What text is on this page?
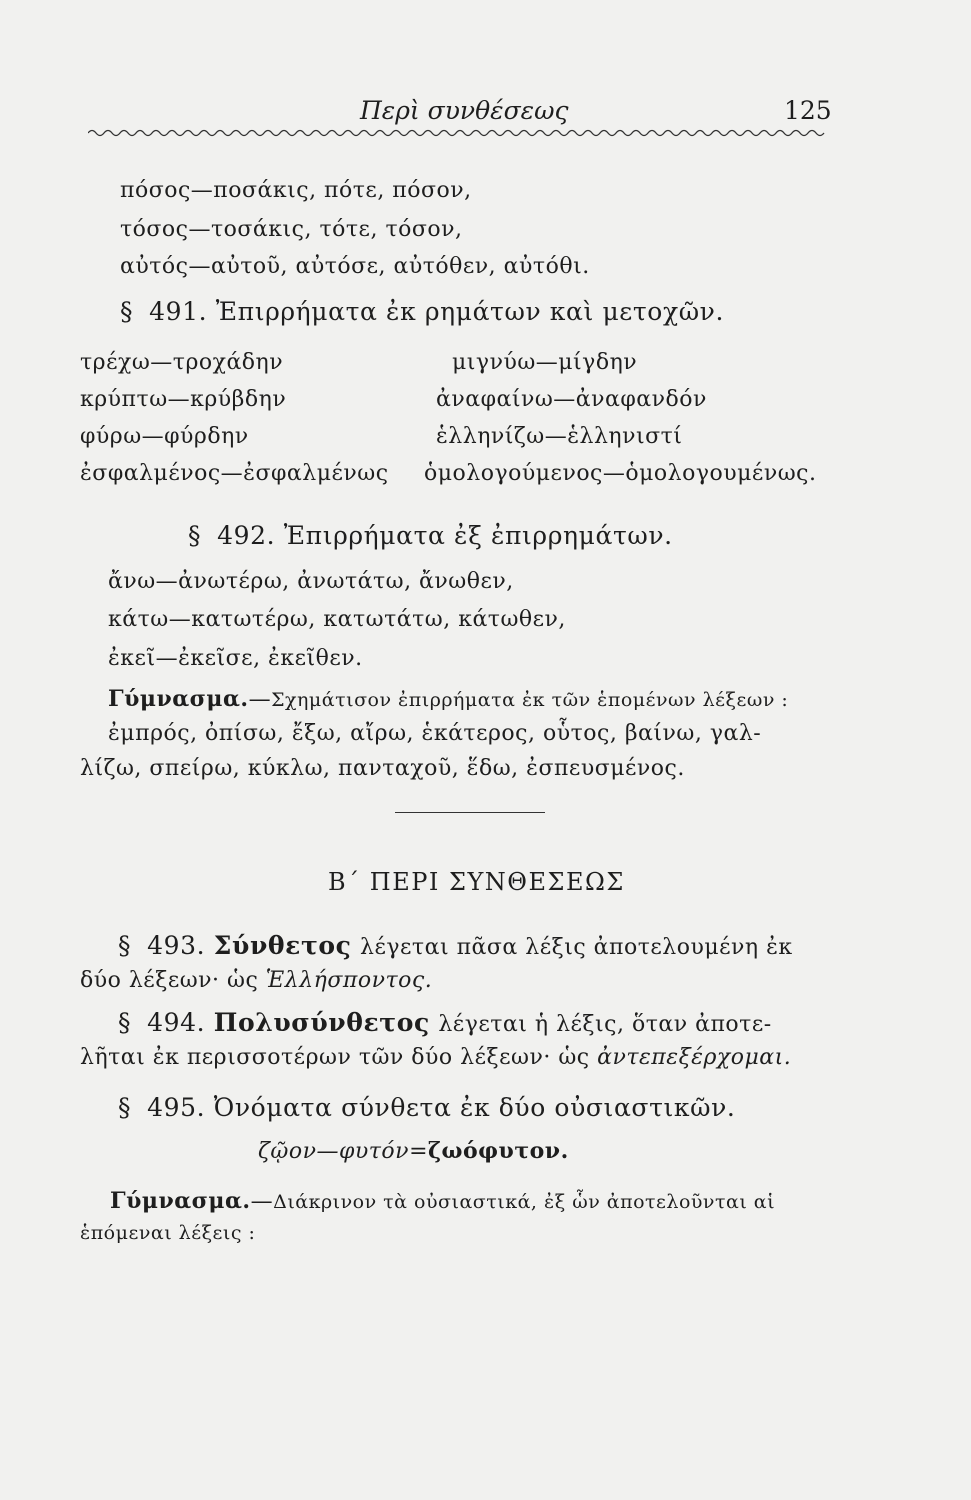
Περὶ συνθέσεως	125
πόσος—ποσάκις, πότε, πόσον,
τόσος—τοσάκις, τότε, τόσον,
αὐτός—αὐτοῦ, αὐτόσε, αὐτόθεν, αὐτόθι.
§ 491. Ἐπιρρήματα ἐκ ρημάτων καὶ μετοχῶν.
τρέχω—τροχάδην
κρύπτω—κρύβδην
φύρω—φύρδην
ἐσφαλμένος—ἐσφαλμένως
μιγνύω—μίγδην
ἀναφαίνω—ἀναφανδόν
ἑλληνίζω—ἑλληνιστί
ὁμολογούμενος—ὁμολογουμένως.
§ 492. Ἐπιρρήματα ἐξ ἐπιρρημάτων.
ἄνω—ἀνωτέρω, ἀνωτάτω, ἄνωθεν,
κάτω—κατωτέρω, κατωτάτω, κάτωθεν,
ἐκεῖ—ἐκεῖσε, ἐκεῖθεν.
Γύμνασμα.—Σχημάτισον ἐπιρρήματα ἐκ τῶν ἑπομένων λέξεων :
ἐμπρός, ὀπίσω, ἔξω, αἴρω, ἑκάτερος, οὗτος, βαίνω, γαλ-
λίζω, σπείρω, κύκλω, πανταχοῦ, ἕδω, ἐσπευσμένος.
Β΄ ΠΕΡΙ ΣΥΝΘΕΣΕΩΣ
§ 493. Σύνθετος λέγεται πᾶσα λέξις ἀποτελουμένη ἐκ
δύο λέξεων· ὡς Ἑλλήσποντος.
§ 494. Πολυσύνθετος λέγεται ἡ λέξις, ὅταν ἀποτε-
λῆται ἐκ περισσοτέρων τῶν δύο λέξεων· ὡς ἀντεπεξέρχομαι.
§ 495. Ὀνόματα σύνθετα ἐκ δύο οὐσιαστικῶν.
ζῷον—φυτόν=ζωόφυτον.
Γύμνασμα.—Διάκρινον τὰ οὐσιαστικά, ἐξ ὧν ἀποτελοῦνται αἱ
ἑπόμεναι λέξεις :
